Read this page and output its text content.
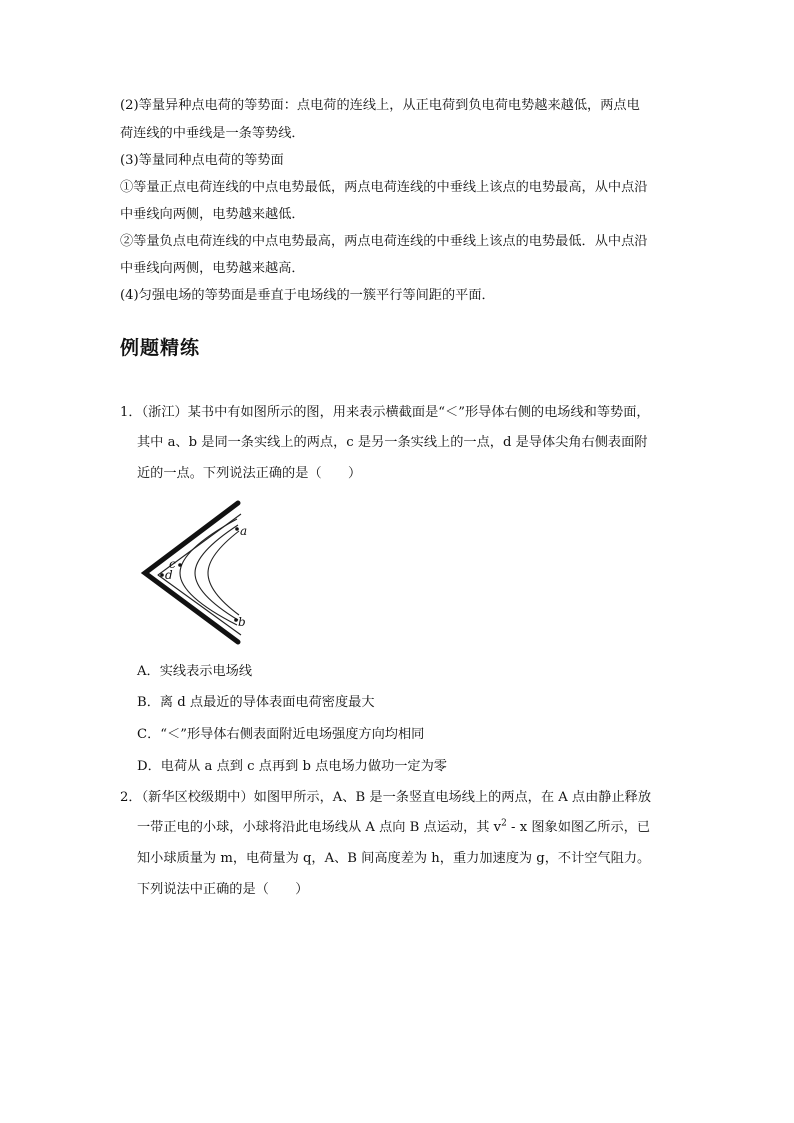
(2)等量异种点电荷的等势面：点电荷的连线上，从正电荷到负电荷电势越来越低，两点电
荷连线的中垂线是一条等势线．
(3)等量同种点电荷的等势面
①等量正点电荷连线的中点电势最低，两点电荷连线的中垂线上该点的电势最高，从中点沿
中垂线向两侧，电势越来越低．
②等量负点电荷连线的中点电势最高，两点电荷连线的中垂线上该点的电势最低．从中点沿
中垂线向两侧，电势越来越高．
(4)匀强电场的等势面是垂直于电场线的一簇平行等间距的平面．
例题精练
1．（浙江）某书中有如图所示的图，用来表示横截面是“＜”形导体右侧的电场线和等势面，
其中 a、b 是同一条实线上的两点，c 是另一条实线上的一点，d 是导体尖角右侧表面附
近的一点。下列说法正确的是（　　）
a
b
c
d
A．实线表示电场线
B．离 d 点最近的导体表面电荷密度最大
C．“＜”形导体右侧表面附近电场强度方向均相同
D．电荷从 a 点到 c 点再到 b 点电场力做功一定为零
2．（新华区校级期中）如图甲所示，A、B 是一条竖直电场线上的两点，在 A 点由静止释放
一带正电的小球，小球将沿此电场线从 A 点向 B 点运动，其 $v^2$ - x 图象如图乙所示，已
知小球质量为 m，电荷量为 q，A、B 间高度差为 h，重力加速度为 g，不计空气阻力。
下列说法中正确的是（　　）
